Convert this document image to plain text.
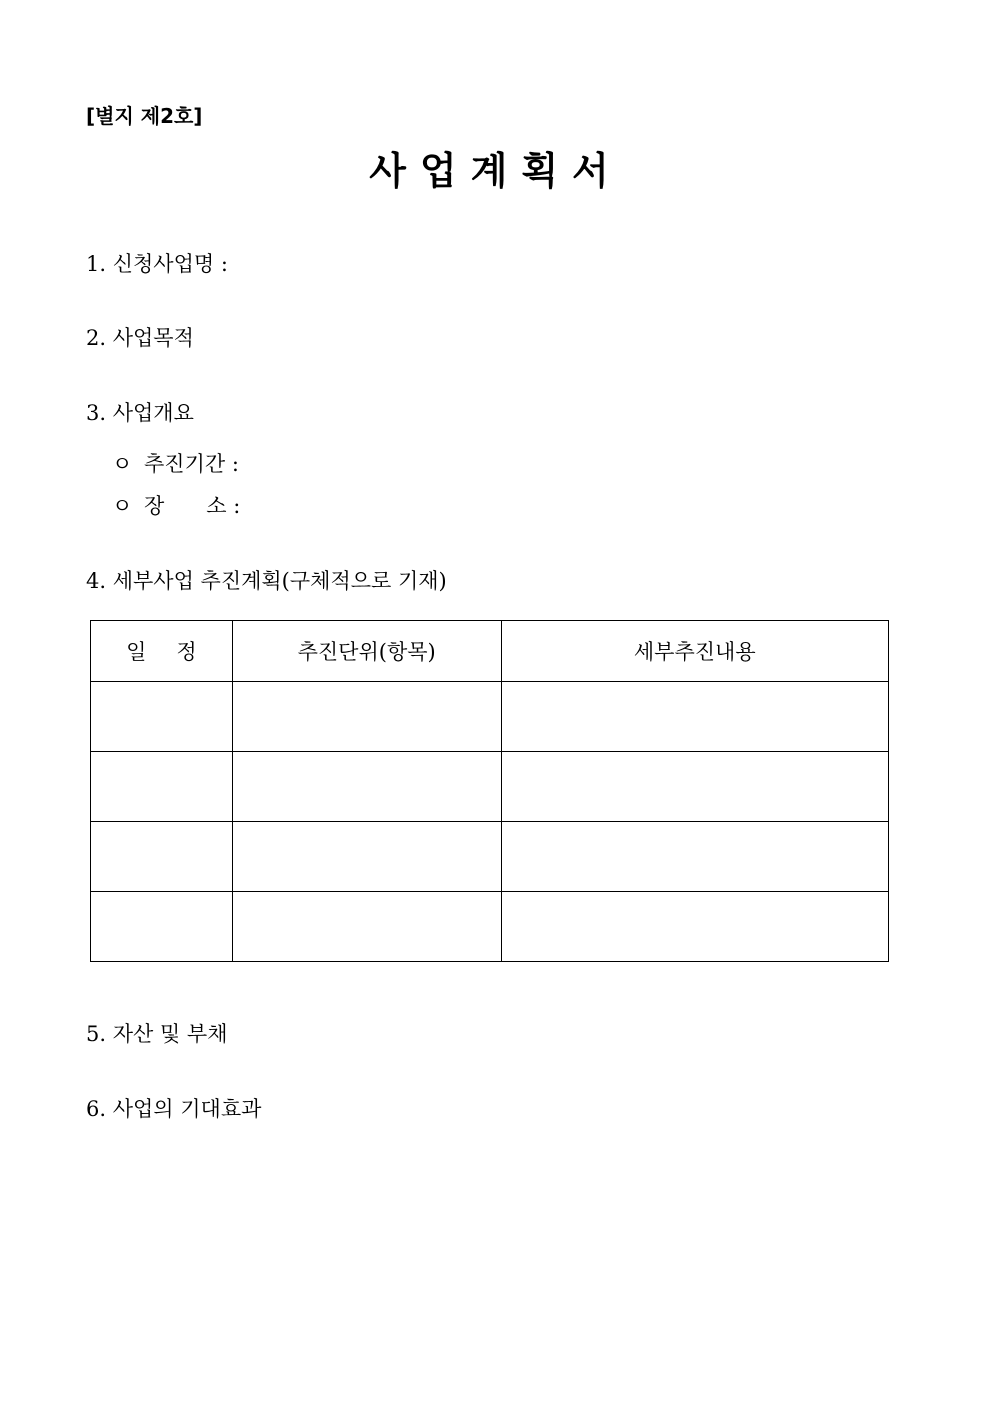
[별지 제2호]
사업계획서
1. 신청사업명 :
2. 사업목적
3. 사업개요
ㅇ 추진기간 :
ㅇ 장 소 :
4. 세부사업 추진계획(구체적으로 기재)
일 정	추진단위(항목)	세부추진내용

5. 자산 및 부채
6. 사업의 기대효과
